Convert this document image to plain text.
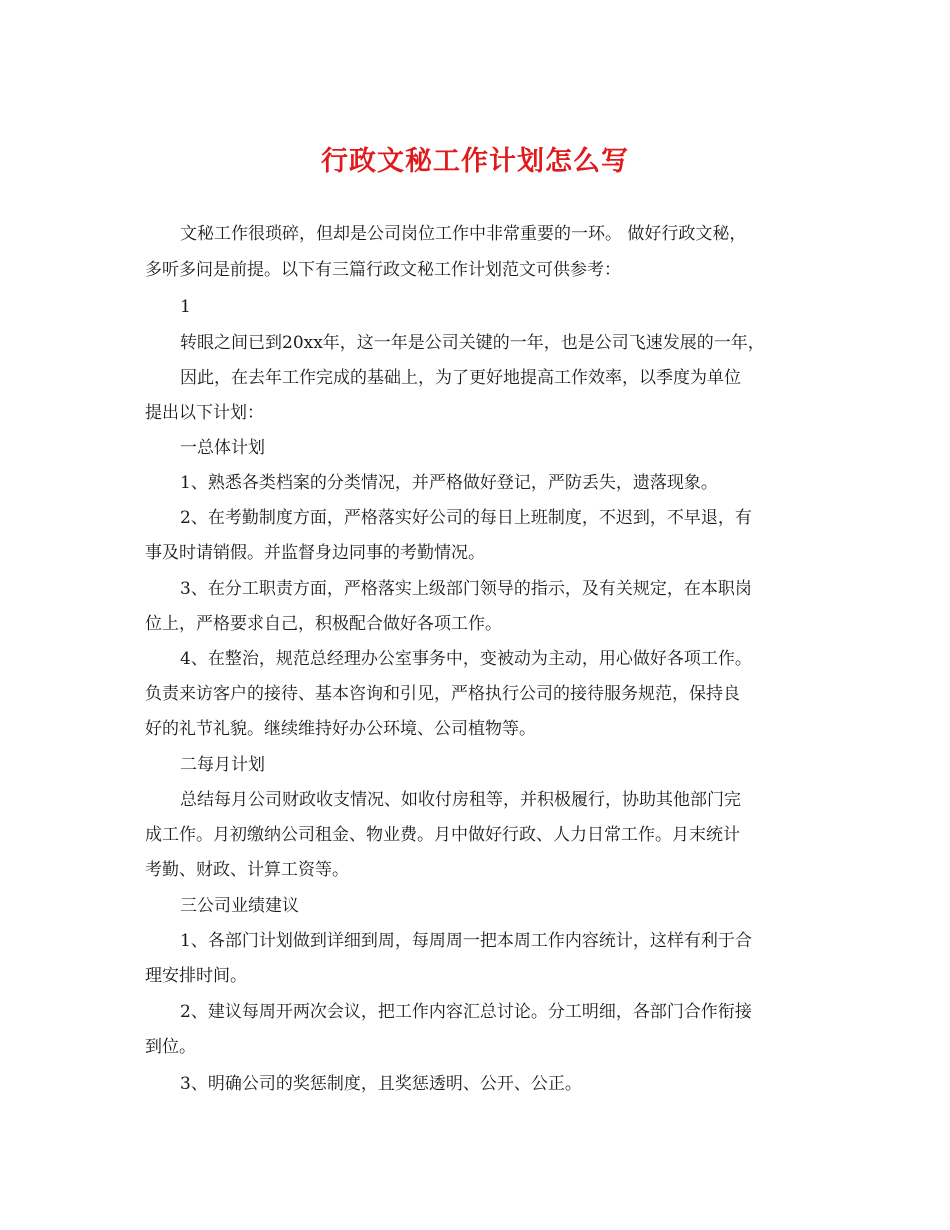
行政文秘工作计划怎么写
文秘工作很琐碎，但却是公司岗位工作中非常重要的一环。 做好行政文秘，
多听多问是前提。以下有三篇行政文秘工作计划范文可供参考：
1
转眼之间已到20xx年，这一年是公司关键的一年，也是公司飞速发展的一年，
因此，在去年工作完成的基础上，为了更好地提高工作效率，以季度为单位
提出以下计划：
一总体计划
1、熟悉各类档案的分类情况，并严格做好登记，严防丢失，遗落现象。
2、在考勤制度方面，严格落实好公司的每日上班制度，不迟到，不早退，有
事及时请销假。并监督身边同事的考勤情况。
3、在分工职责方面，严格落实上级部门领导的指示，及有关规定，在本职岗
位上，严格要求自己，积极配合做好各项工作。
4、在整治，规范总经理办公室事务中，变被动为主动，用心做好各项工作。
负责来访客户的接待、基本咨询和引见，严格执行公司的接待服务规范，保持良
好的礼节礼貌。继续维持好办公环境、公司植物等。
二每月计划
总结每月公司财政收支情况、如收付房租等，并积极履行，协助其他部门完
成工作。月初缴纳公司租金、物业费。月中做好行政、人力日常工作。月末统计
考勤、财政、计算工资等。
三公司业绩建议
1、各部门计划做到详细到周，每周周一把本周工作内容统计，这样有利于合
理安排时间。
2、建议每周开两次会议，把工作内容汇总讨论。分工明细，各部门合作衔接
到位。
3、明确公司的奖惩制度，且奖惩透明、公开、公正。
